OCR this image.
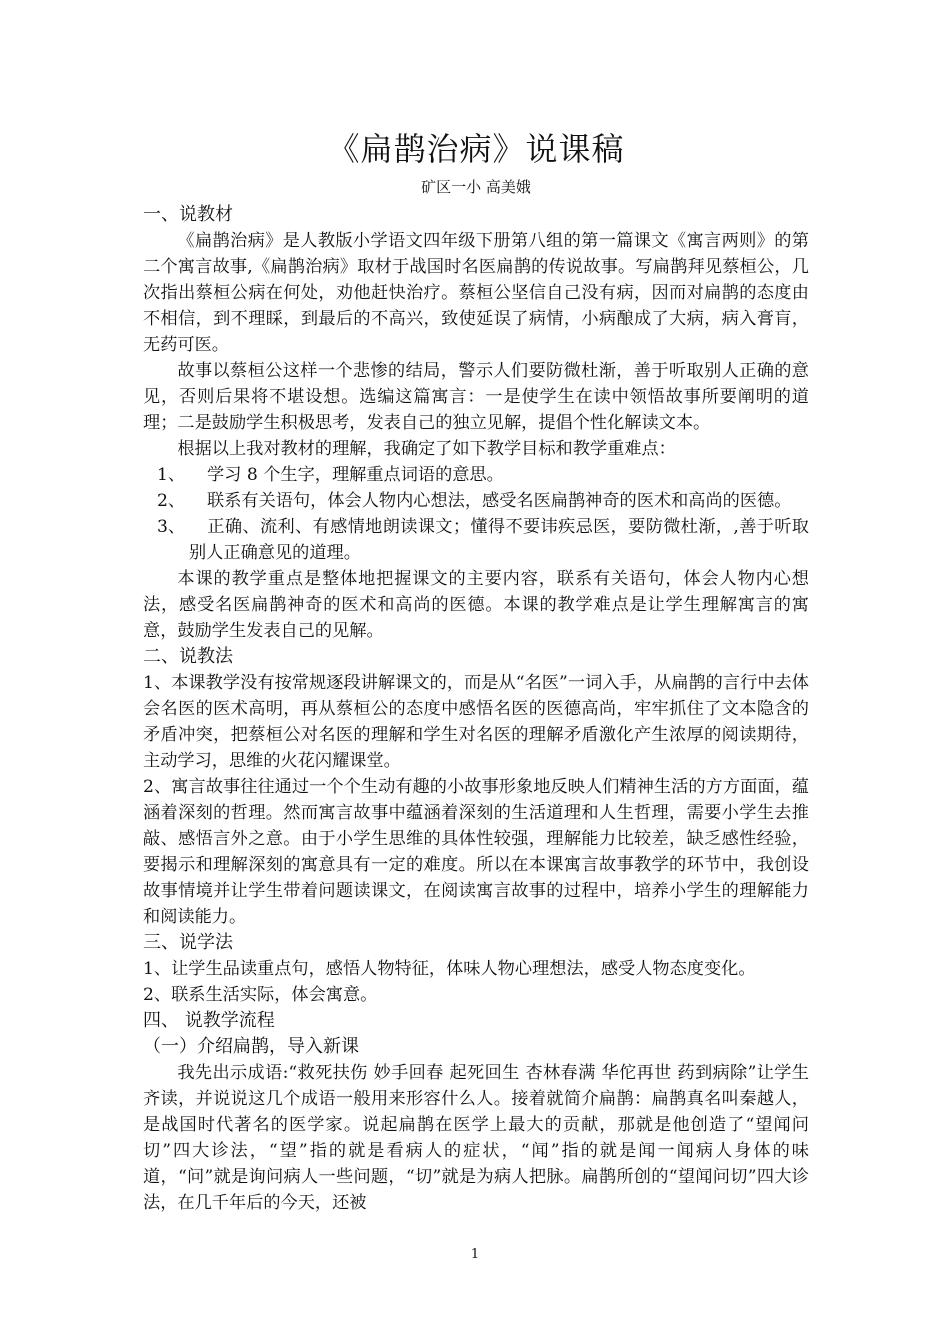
《扁鹊治病》说课稿
矿区一小 高美娥
一、说教材

《扁鹊治病》是人教版小学语文四年级下册第八组的第一篇课文《寓言两则》的第二个寓言故事,《扁鹊治病》取材于战国时名医扁鹊的传说故事。写扁鹊拜见蔡桓公，几次指出蔡桓公病在何处，劝他赶快治疗。蔡桓公坚信自己没有病，因而对扁鹊的态度由不相信，到不理睬，到最后的不高兴，致使延误了病情，小病酿成了大病，病入膏肓，无药可医。

故事以蔡桓公这样一个悲惨的结局，警示人们要防微杜渐，善于听取别人正确的意见，否则后果将不堪设想。选编这篇寓言：一是使学生在读中领悟故事所要阐明的道理；二是鼓励学生积极思考，发表自己的独立见解，提倡个性化解读文本。

根据以上我对教材的理解，我确定了如下教学目标和教学重难点：

1、 学习 8 个生字，理解重点词语的意思。

2、 联系有关语句，体会人物内心想法，感受名医扁鹊神奇的医术和高尚的医德。

3、 正确、流利、有感情地朗读课文；懂得不要讳疾忌医，要防微杜渐，,善于听取别人正确意见的道理。

本课的教学重点是整体地把握课文的主要内容，联系有关语句，体会人物内心想法，感受名医扁鹊神奇的医术和高尚的医德。本课的教学难点是让学生理解寓言的寓意，鼓励学生发表自己的见解。

二、说教法

1、本课教学没有按常规逐段讲解课文的，而是从“名医”一词入手，从扁鹊的言行中去体会名医的医术高明，再从蔡桓公的态度中感悟名医的医德高尚，牢牢抓住了文本隐含的矛盾冲突，把蔡桓公对名医的理解和学生对名医的理解矛盾激化产生浓厚的阅读期待，主动学习，思维的火花闪耀课堂。

2、寓言故事往往通过一个个生动有趣的小故事形象地反映人们精神生活的方方面面，蕴涵着深刻的哲理。然而寓言故事中蕴涵着深刻的生活道理和人生哲理，需要小学生去推敲、感悟言外之意。由于小学生思维的具体性较强，理解能力比较差，缺乏感性经验，要揭示和理解深刻的寓意具有一定的难度。所以在本课寓言故事教学的环节中，我创设故事情境并让学生带着问题读课文，在阅读寓言故事的过程中，培养小学生的理解能力和阅读能力。

三、说学法

1、让学生品读重点句，感悟人物特征，体味人物心理想法，感受人物态度变化。

2、联系生活实际，体会寓意。

四、 说教学流程
（一）介绍扁鹊，导入新课

我先出示成语:“救死扶伤 妙手回春 起死回生 杏林春满 华佗再世 药到病除”让学生齐读，并说说这几个成语一般用来形容什么人。接着就简介扁鹊：扁鹊真名叫秦越人，是战国时代著名的医学家。说起扁鹊在医学上最大的贡献，那就是他创造了“望闻问切”四大诊法，“望”指的就是看病人的症状，“闻”指的就是闻一闻病人身体的味道，“问”就是询问病人一些问题，“切”就是为病人把脉。扁鹊所创的“望闻问切”四大诊法，在几千年后的今天，还被

1
